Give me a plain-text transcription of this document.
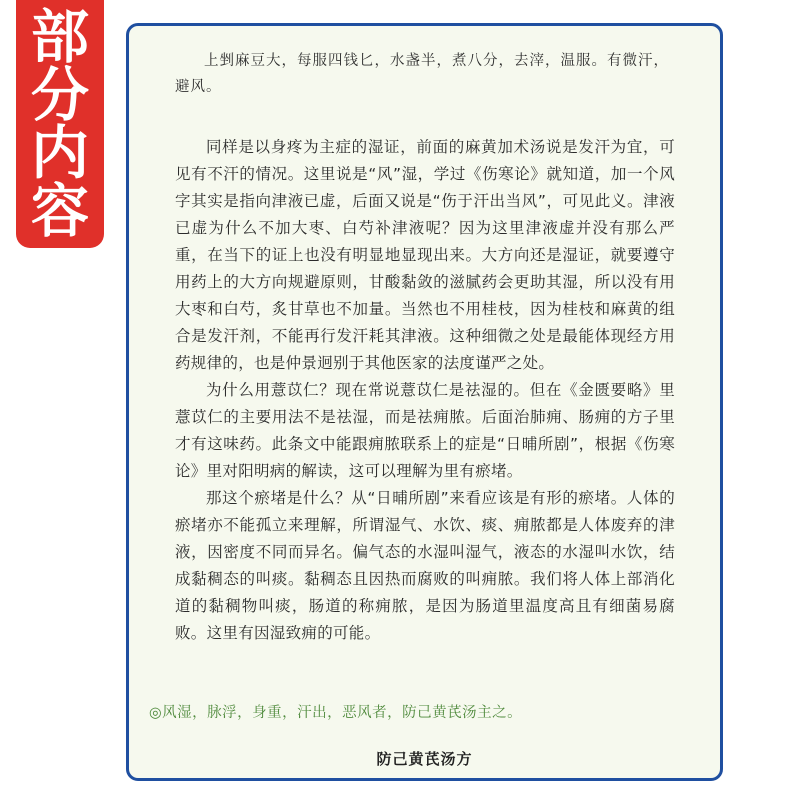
部
分
内
容

上剉麻豆大，每服四钱匕，水盏半，煮八分，去滓，温服。有微汗，避风。

同样是以身疼为主症的湿证，前面的麻黄加术汤说是发汗为宜，可见有不汗的情况。这里说是“风”湿，学过《伤寒论》就知道，加一个风字其实是指向津液已虚，后面又说是“伤于汗出当风”，可见此义。津液已虚为什么不加大枣、白芍补津液呢？因为这里津液虚并没有那么严重，在当下的证上也没有明显地显现出来。大方向还是湿证，就要遵守用药上的大方向规避原则，甘酸黏敛的滋腻药会更助其湿，所以没有用大枣和白芍，炙甘草也不加量。当然也不用桂枝，因为桂枝和麻黄的组合是发汗剂，不能再行发汗耗其津液。这种细微之处是最能体现经方用药规律的，也是仲景迥别于其他医家的法度谨严之处。

为什么用薏苡仁？现在常说薏苡仁是祛湿的。但在《金匮要略》里薏苡仁的主要用法不是祛湿，而是祛痈脓。后面治肺痈、肠痈的方子里才有这味药。此条文中能跟痈脓联系上的症是“日晡所剧”，根据《伤寒论》里对阳明病的解读，这可以理解为里有瘀堵。

那这个瘀堵是什么？从“日晡所剧”来看应该是有形的瘀堵。人体的瘀堵亦不能孤立来理解，所谓湿气、水饮、痰、痈脓都是人体废弃的津液，因密度不同而异名。偏气态的水湿叫湿气，液态的水湿叫水饮，结成黏稠态的叫痰。黏稠态且因热而腐败的叫痈脓。我们将人体上部消化道的黏稠物叫痰，肠道的称痈脓，是因为肠道里温度高且有细菌易腐败。这里有因湿致痈的可能。

◎风湿，脉浮，身重，汗出，恶风者，防己黄芪汤主之。

防己黄芪汤方
